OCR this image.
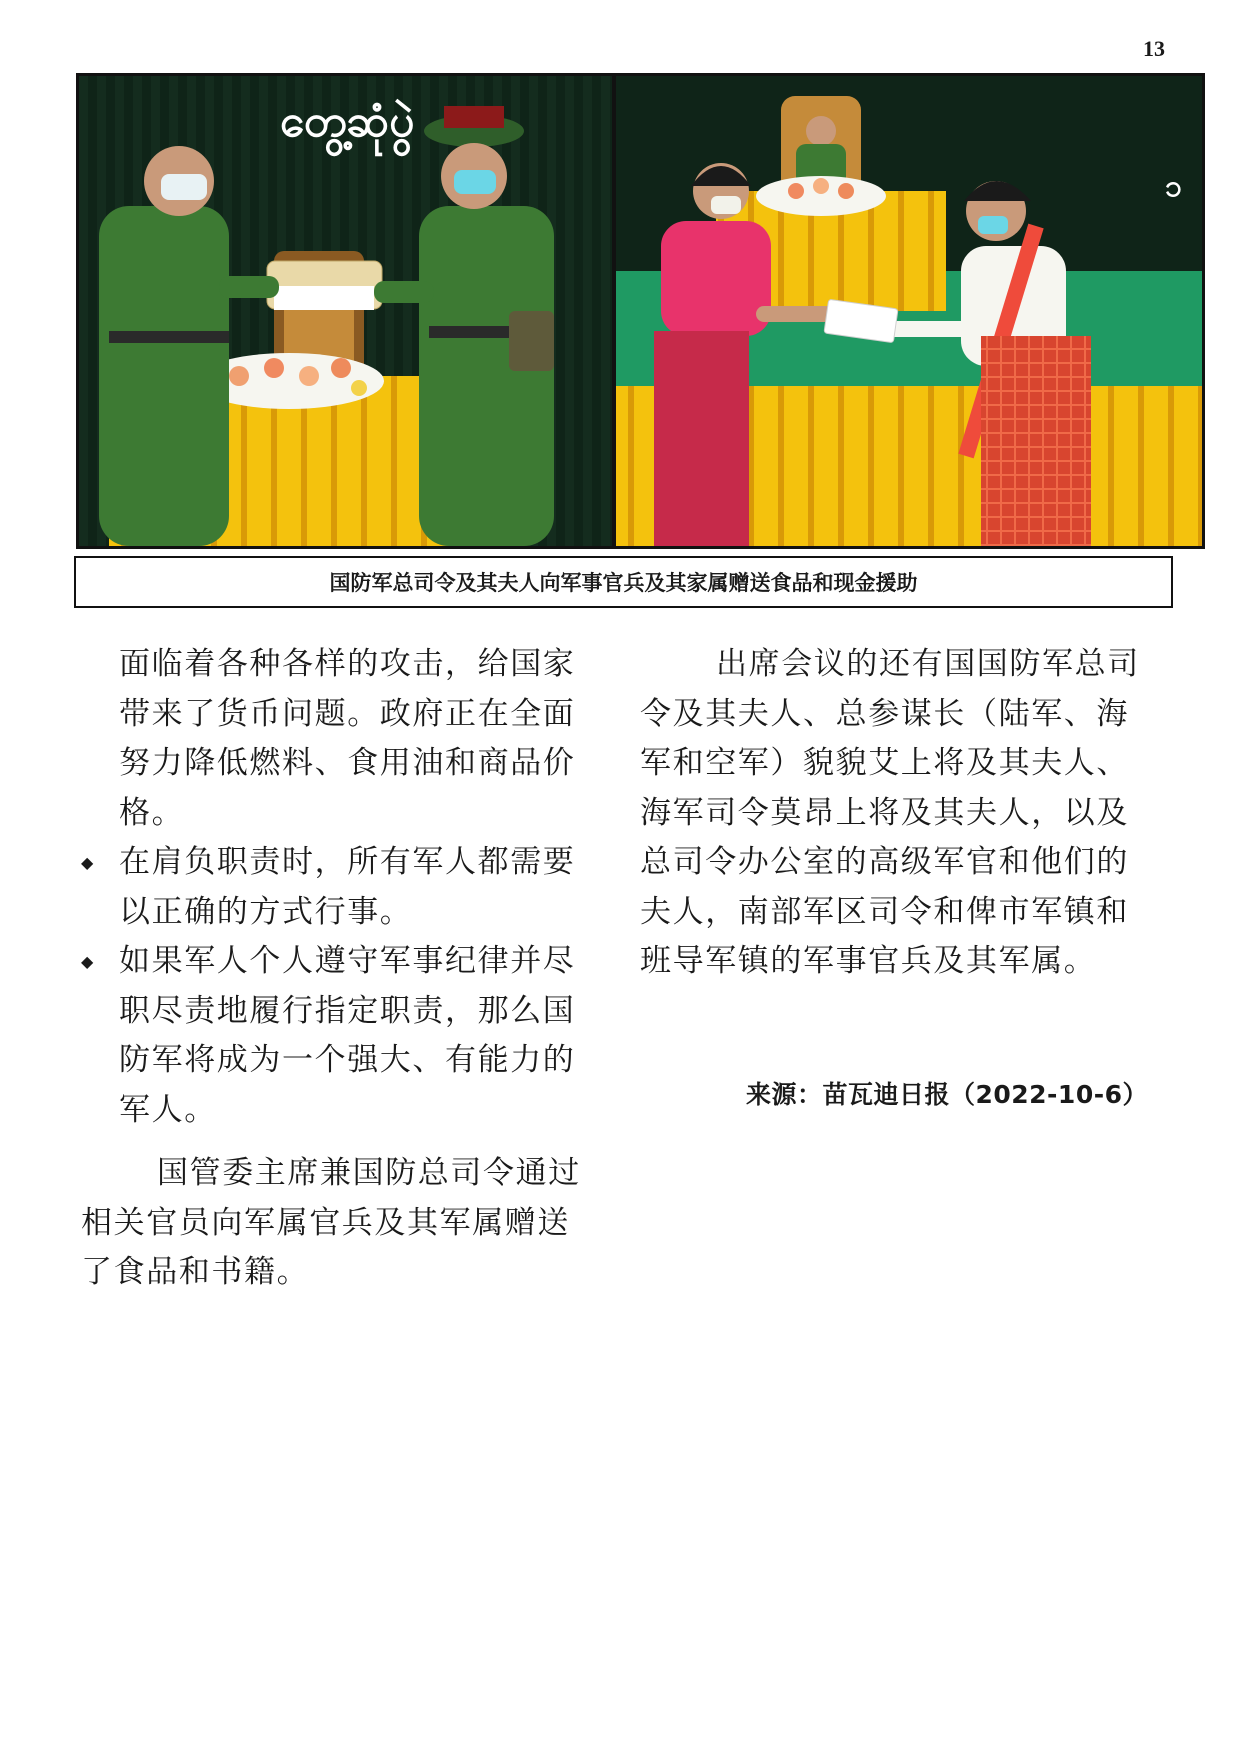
13
တွေ့ဆုံပွဲ
၁
国防军总司令及其夫人向军事官兵及其家属赠送食品和现金援助

面临着各种各样的攻击，给国家带来了货币问题。政府正在全面努力降低燃料、食用油和商品价格。

◆ 在肩负职责时，所有军人都需要以正确的方式行事。
◆ 如果军人个人遵守军事纪律并尽职尽责地履行指定职责，那么国防军将成为一个强大、有能力的军人。

国管委主席兼国防总司令通过相关官员向军属官兵及其军属赠送了食品和书籍。

出席会议的还有国国防军总司令及其夫人、总参谋长（陆军、海军和空军）貌貌艾上将及其夫人、海军司令莫昂上将及其夫人，以及总司令办公室的高级军官和他们的夫人，南部军区司令和俾市军镇和班导军镇的军事官兵及其军属。

来源：苗瓦迪日报（2022-10-6）
